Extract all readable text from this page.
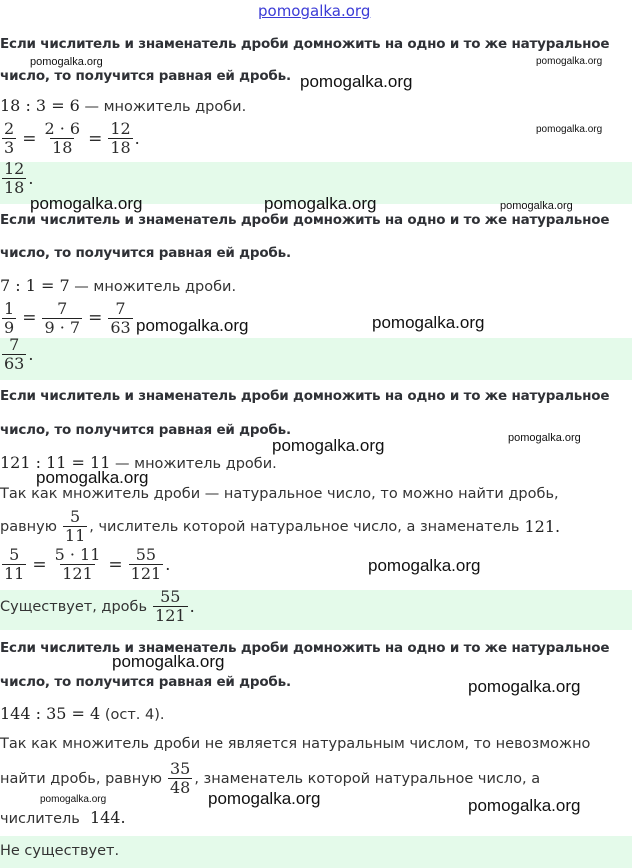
pomogalka.org
Если числитель и знаменатель дроби домножить на одно и то же натуральное
число, то получится равная ей дробь.
18 : 3 = 6 — множитель дроби.
$\frac{2}{3} = \frac{2 \cdot 6}{18} = \frac{12}{18}$ .
$\frac{12}{18}$ .
Если числитель и знаменатель дроби домножить на одно и то же натуральное
число, то получится равная ей дробь.
7 : 1 = 7 — множитель дроби.
$\frac{1}{9} = \frac{7}{9 \cdot 7} = \frac{7}{63}$
$\frac{7}{63}$ .
Если числитель и знаменатель дроби домножить на одно и то же натуральное
число, то получится равная ей дробь.
121 : 11 = 11 — множитель дроби.
Так как множитель дроби — натуральное число, то можно найти дробь,
равную $\frac{5}{11}$ , числитель которой натуральное число, а знаменатель 121.
$\frac{5}{11} = \frac{5 \cdot 11}{121} = \frac{55}{121}$ .
Существует, дробь $\frac{55}{121}$ .
Если числитель и знаменатель дроби домножить на одно и то же натуральное
число, то получится равная ей дробь.
144 : 35 = 4 (ост. 4).
Так как множитель дроби не является натуральным числом, то невозможно
найти дробь, равную $\frac{35}{48}$ , знаменатель которой натуральное число, а
числитель 144.
Не существует.
pomogalka.org	pomogalka.org
pomogalka.org
pomogalka.org
pomogalka.org	pomogalka.org	pomogalka.org
pomogalka.org	pomogalka.org
pomogalka.org	pomogalka.org
pomogalka.org
pomogalka.org
pomogalka.org
pomogalka.org
pomogalka.org	pomogalka.org	pomogalka.org
